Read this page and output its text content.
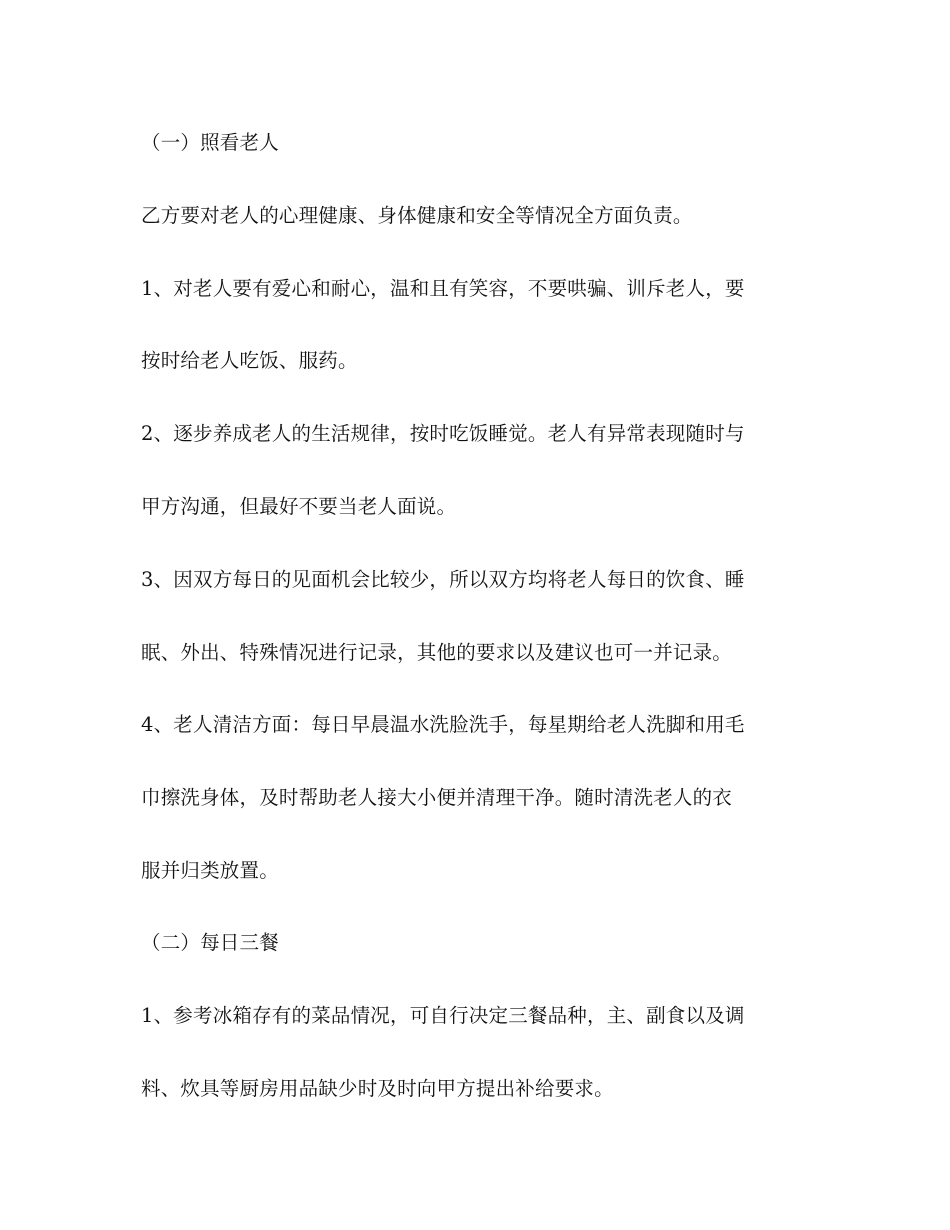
（一）照看老人
乙方要对老人的心理健康、身体健康和安全等情况全方面负责。
1、对老人要有爱心和耐心，温和且有笑容，不要哄骗、训斥老人，要
按时给老人吃饭、服药。
2、逐步养成老人的生活规律，按时吃饭睡觉。老人有异常表现随时与
甲方沟通，但最好不要当老人面说。
3、因双方每日的见面机会比较少，所以双方均将老人每日的饮食、睡
眠、外出、特殊情况进行记录，其他的要求以及建议也可一并记录。
4、老人清洁方面：每日早晨温水洗脸洗手，每星期给老人洗脚和用毛
巾擦洗身体，及时帮助老人接大小便并清理干净。随时清洗老人的衣
服并归类放置。
（二）每日三餐
1、参考冰箱存有的菜品情况，可自行决定三餐品种，主、副食以及调
料、炊具等厨房用品缺少时及时向甲方提出补给要求。
